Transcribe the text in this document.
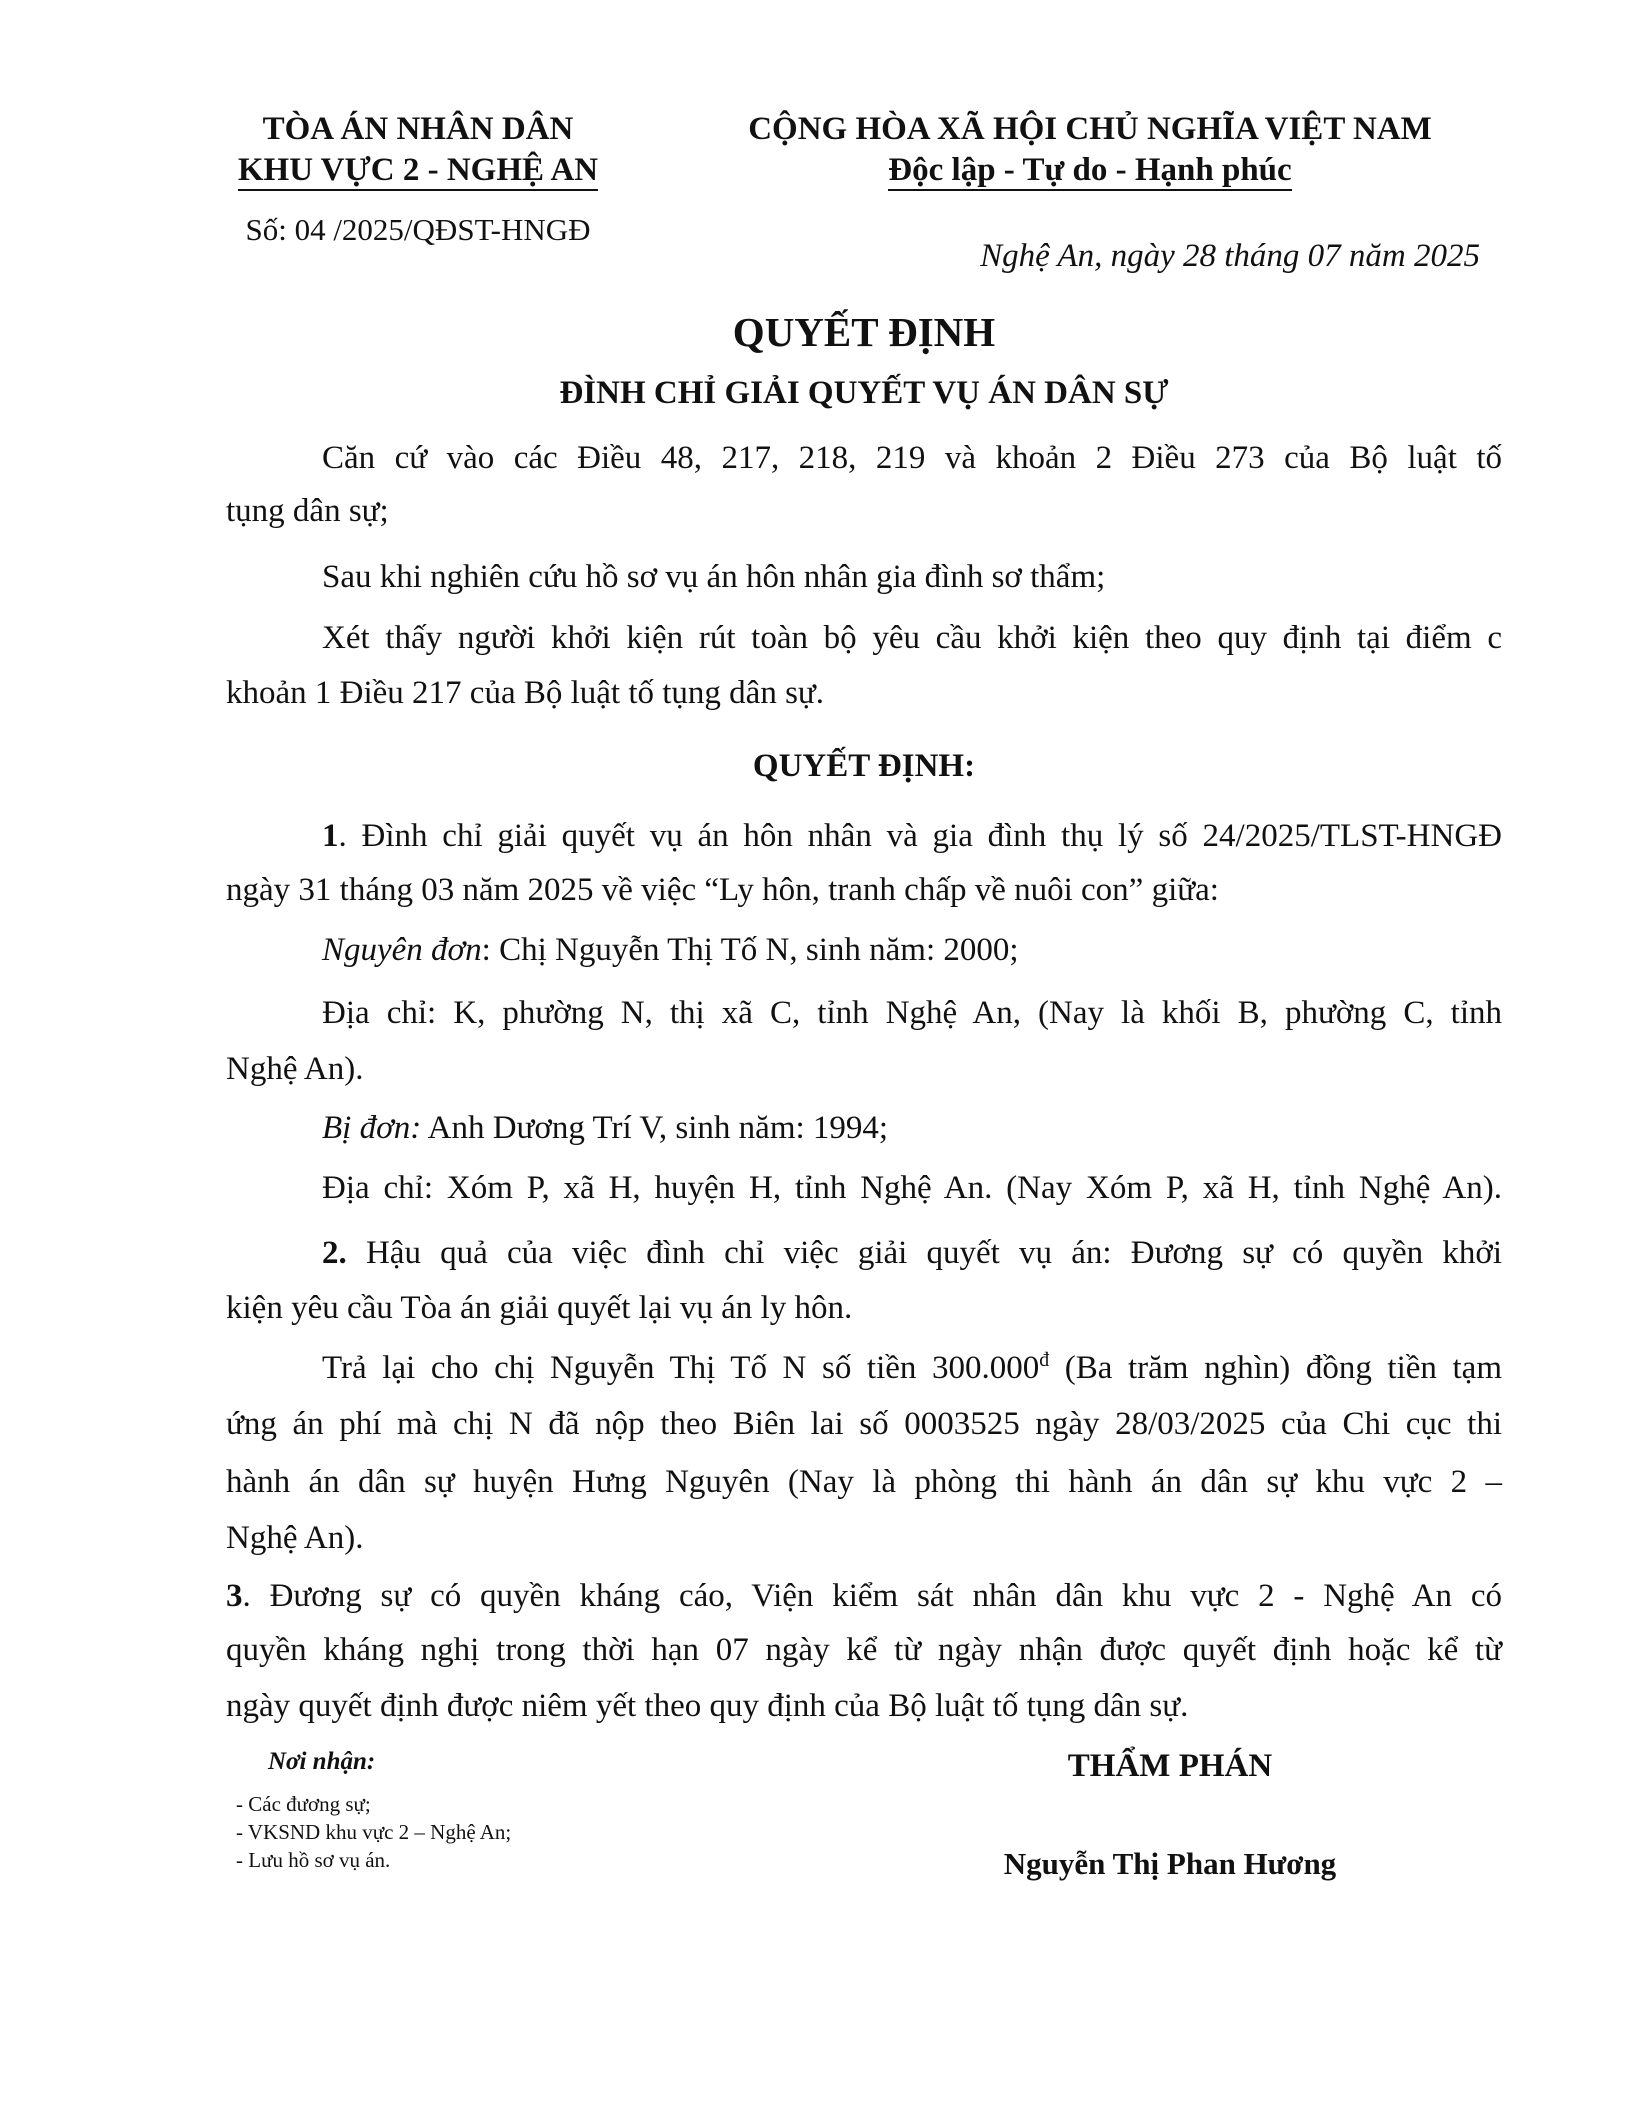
TÒA ÁN NHÂN DÂN
KHU VỰC 2 - NGHỆ AN
Số: 04 /2025/QĐST-HNGĐ
CỘNG HÒA XÃ HỘI CHỦ NGHĨA VIỆT NAM
Độc lập - Tự do - Hạnh phúc
Nghệ An, ngày 28 tháng 07 năm 2025
QUYẾT ĐỊNH
ĐÌNH CHỈ GIẢI QUYẾT VỤ ÁN DÂN SỰ
Căn cứ vào các Điều 48, 217, 218, 219 và khoản 2 Điều 273 của Bộ luật tố
tụng dân sự;
Sau khi nghiên cứu hồ sơ vụ án hôn nhân gia đình sơ thẩm;
Xét thấy người khởi kiện rút toàn bộ yêu cầu khởi kiện theo quy định tại điểm c
khoản 1 Điều 217 của Bộ luật tố tụng dân sự.
QUYẾT ĐỊNH:
1. Đình chỉ giải quyết vụ án hôn nhân và gia đình thụ lý số 24/2025/TLST-HNGĐ
ngày 31 tháng 03 năm 2025 về việc “Ly hôn, tranh chấp về nuôi con” giữa:
Nguyên đơn: Chị Nguyễn Thị Tố N, sinh năm: 2000;
Địa chỉ: K, phường N, thị xã C, tỉnh Nghệ An, (Nay là khối B, phường C, tỉnh
Nghệ An).
Bị đơn: Anh Dương Trí V, sinh năm: 1994;
Địa chỉ: Xóm P, xã H, huyện H, tỉnh Nghệ An. (Nay Xóm P, xã H, tỉnh Nghệ An).
2. Hậu quả của việc đình chỉ việc giải quyết vụ án: Đương sự có quyền khởi
kiện yêu cầu Tòa án giải quyết lại vụ án ly hôn.
Trả lại cho chị Nguyễn Thị Tố N số tiền $300.000^đ$ (Ba trăm nghìn) đồng tiền tạm
ứng án phí mà chị N đã nộp theo Biên lai số 0003525 ngày 28/03/2025 của Chi cục thi
hành án dân sự huyện Hưng Nguyên (Nay là phòng thi hành án dân sự khu vực 2 –
Nghệ An).
3. Đương sự có quyền kháng cáo, Viện kiểm sát nhân dân khu vực 2 - Nghệ An có
quyền kháng nghị trong thời hạn 07 ngày kể từ ngày nhận được quyết định hoặc kể từ
ngày quyết định được niêm yết theo quy định của Bộ luật tố tụng dân sự.
Nơi nhận:
- Các đương sự;
- VKSND khu vực 2 – Nghệ An;
- Lưu hồ sơ vụ án.
THẨM PHÁN
Nguyễn Thị Phan Hương
